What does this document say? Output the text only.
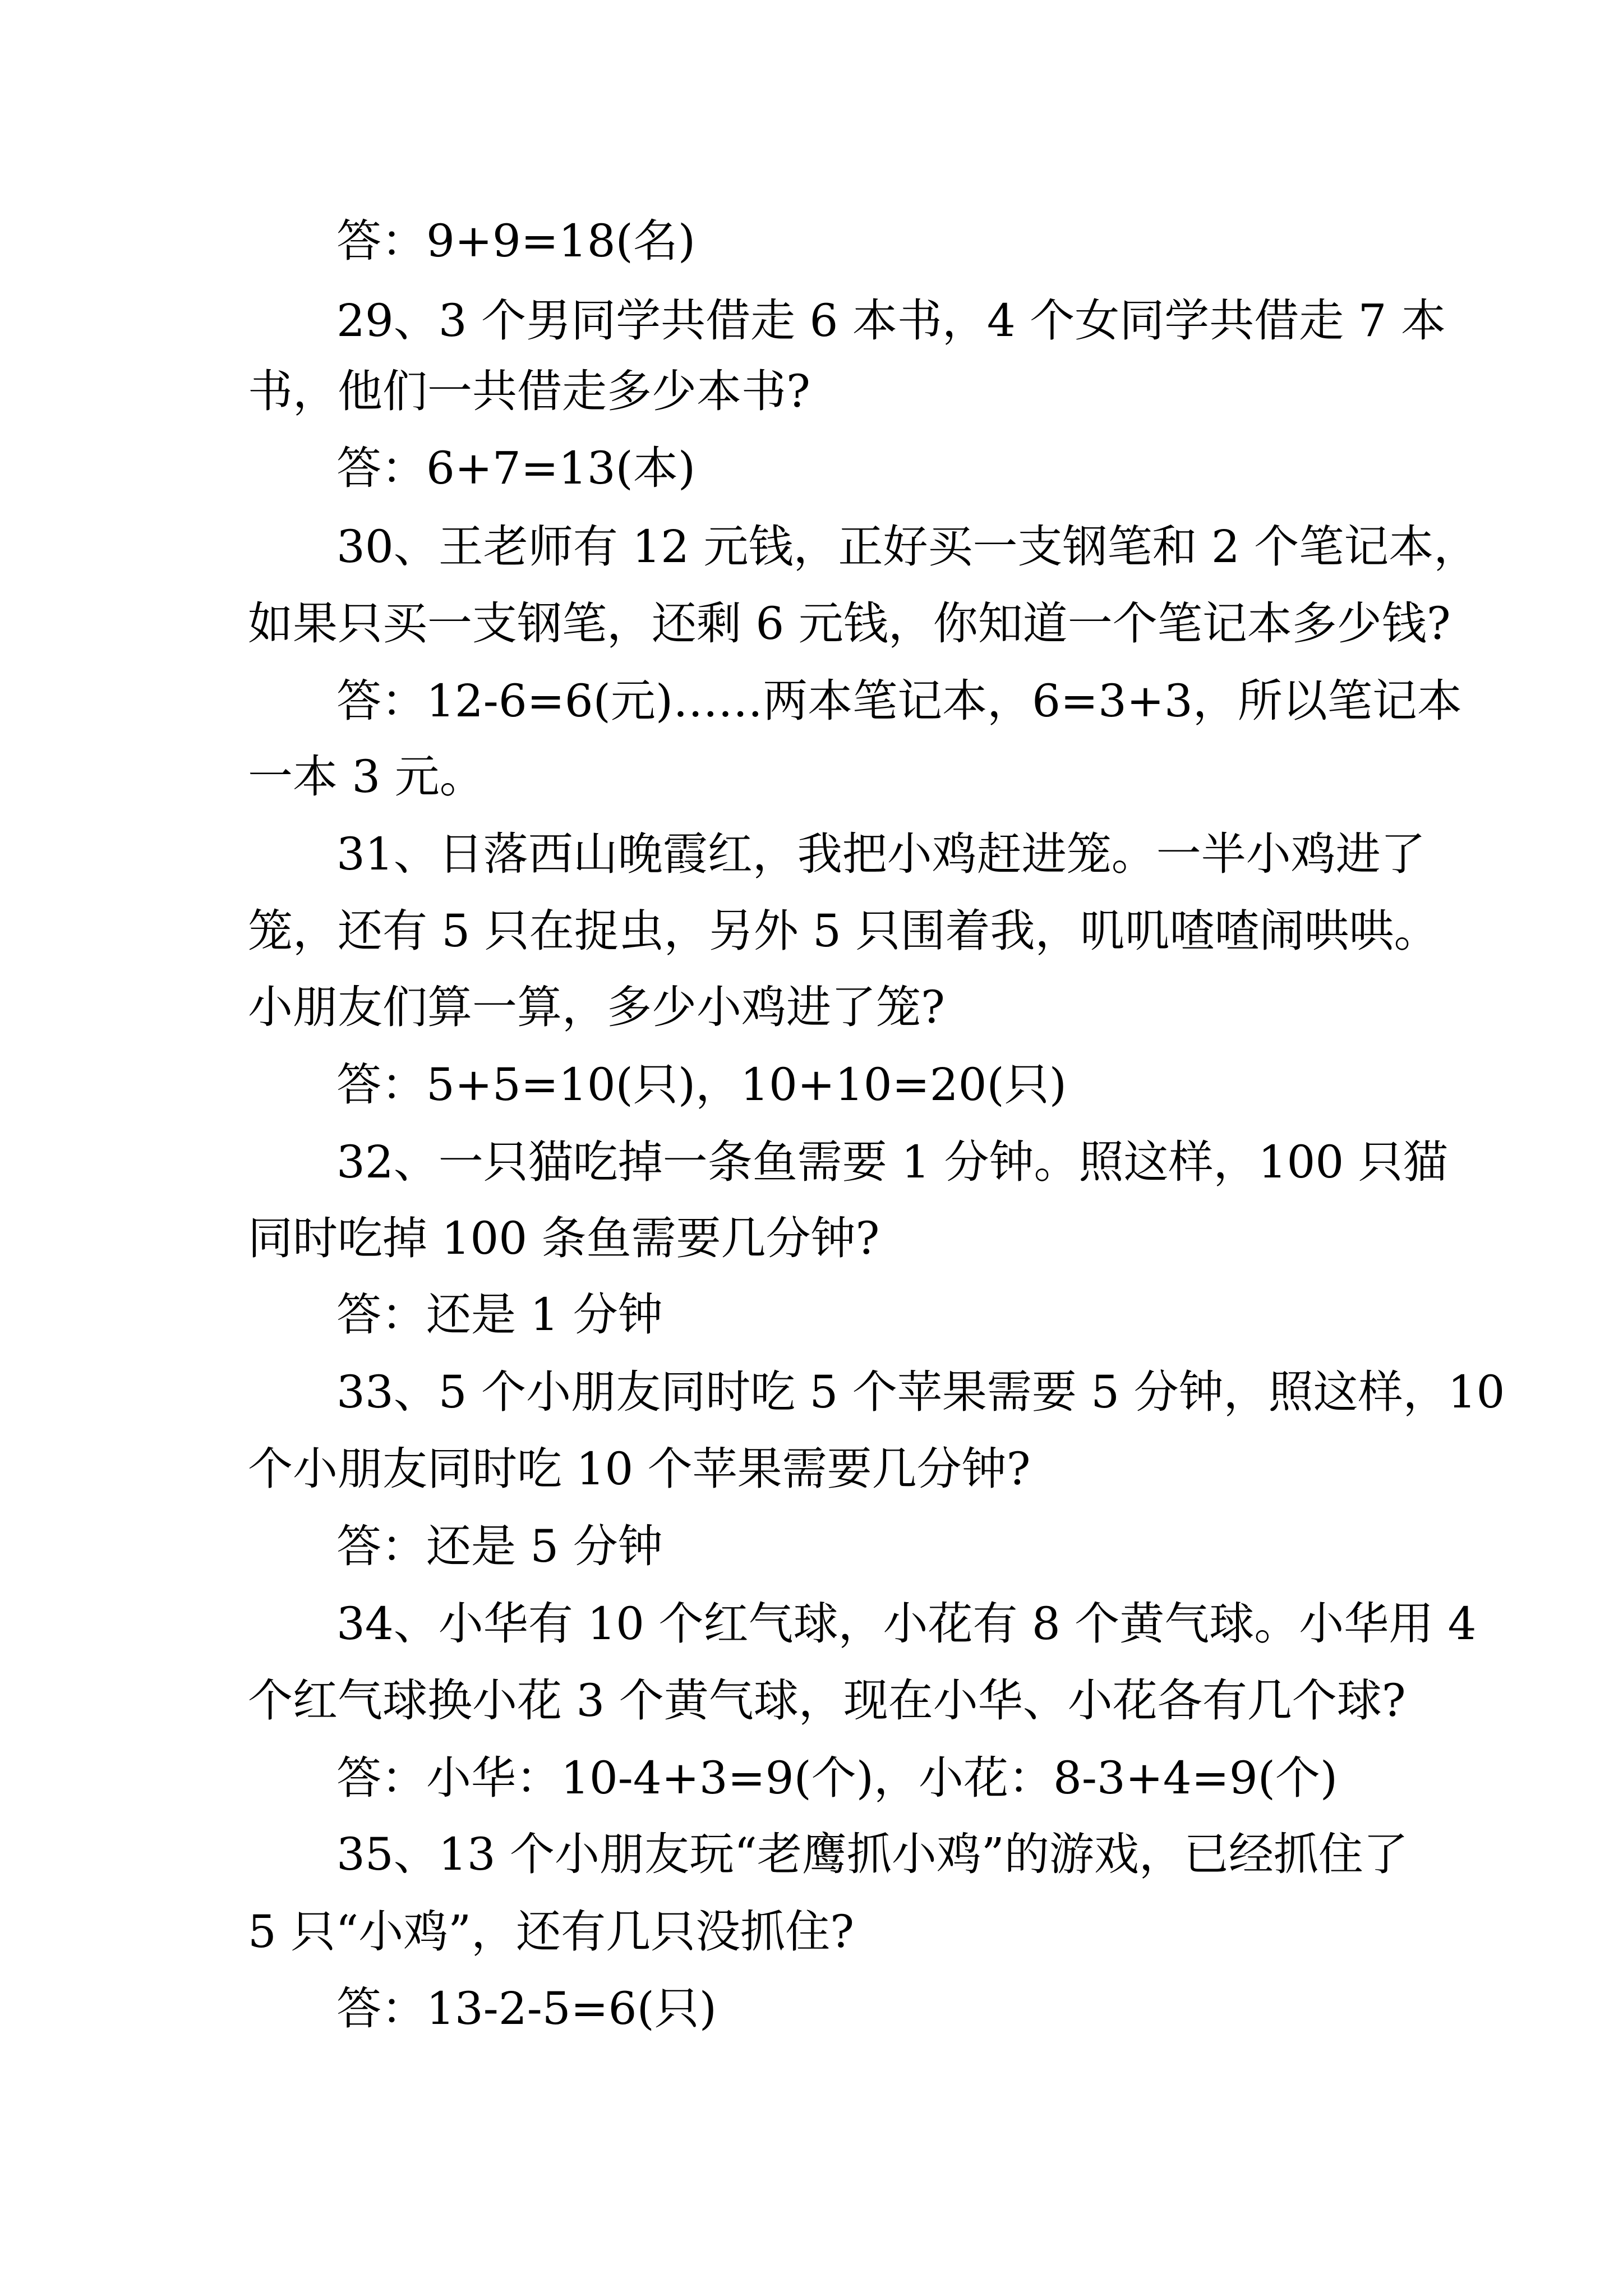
答：9+9=18(名)
29、3 个男同学共借走 6 本书，4 个女同学共借走 7 本
书，他们一共借走多少本书?
答：6+7=13(本)
30、王老师有 12 元钱，正好买一支钢笔和 2 个笔记本，
如果只买一支钢笔，还剩 6 元钱，你知道一个笔记本多少钱?
答：12-6=6(元)……两本笔记本，6=3+3，所以笔记本
一本 3 元。
31、日落西山晚霞红，我把小鸡赶进笼。一半小鸡进了
笼，还有 5 只在捉虫，另外 5 只围着我，叽叽喳喳闹哄哄。
小朋友们算一算，多少小鸡进了笼?
答：5+5=10(只)，10+10=20(只)
32、一只猫吃掉一条鱼需要 1 分钟。照这样，100 只猫
同时吃掉 100 条鱼需要几分钟?
答：还是 1 分钟
33、5 个小朋友同时吃 5 个苹果需要 5 分钟，照这样，10
个小朋友同时吃 10 个苹果需要几分钟?
答：还是 5 分钟
34、小华有 10 个红气球，小花有 8 个黄气球。小华用 4
个红气球换小花 3 个黄气球，现在小华、小花各有几个球?
答：小华：10-4+3=9(个)，小花：8-3+4=9(个)
35、13 个小朋友玩“老鹰抓小鸡”的游戏，已经抓住了
5 只“小鸡”，还有几只没抓住?
答：13-2-5=6(只)
